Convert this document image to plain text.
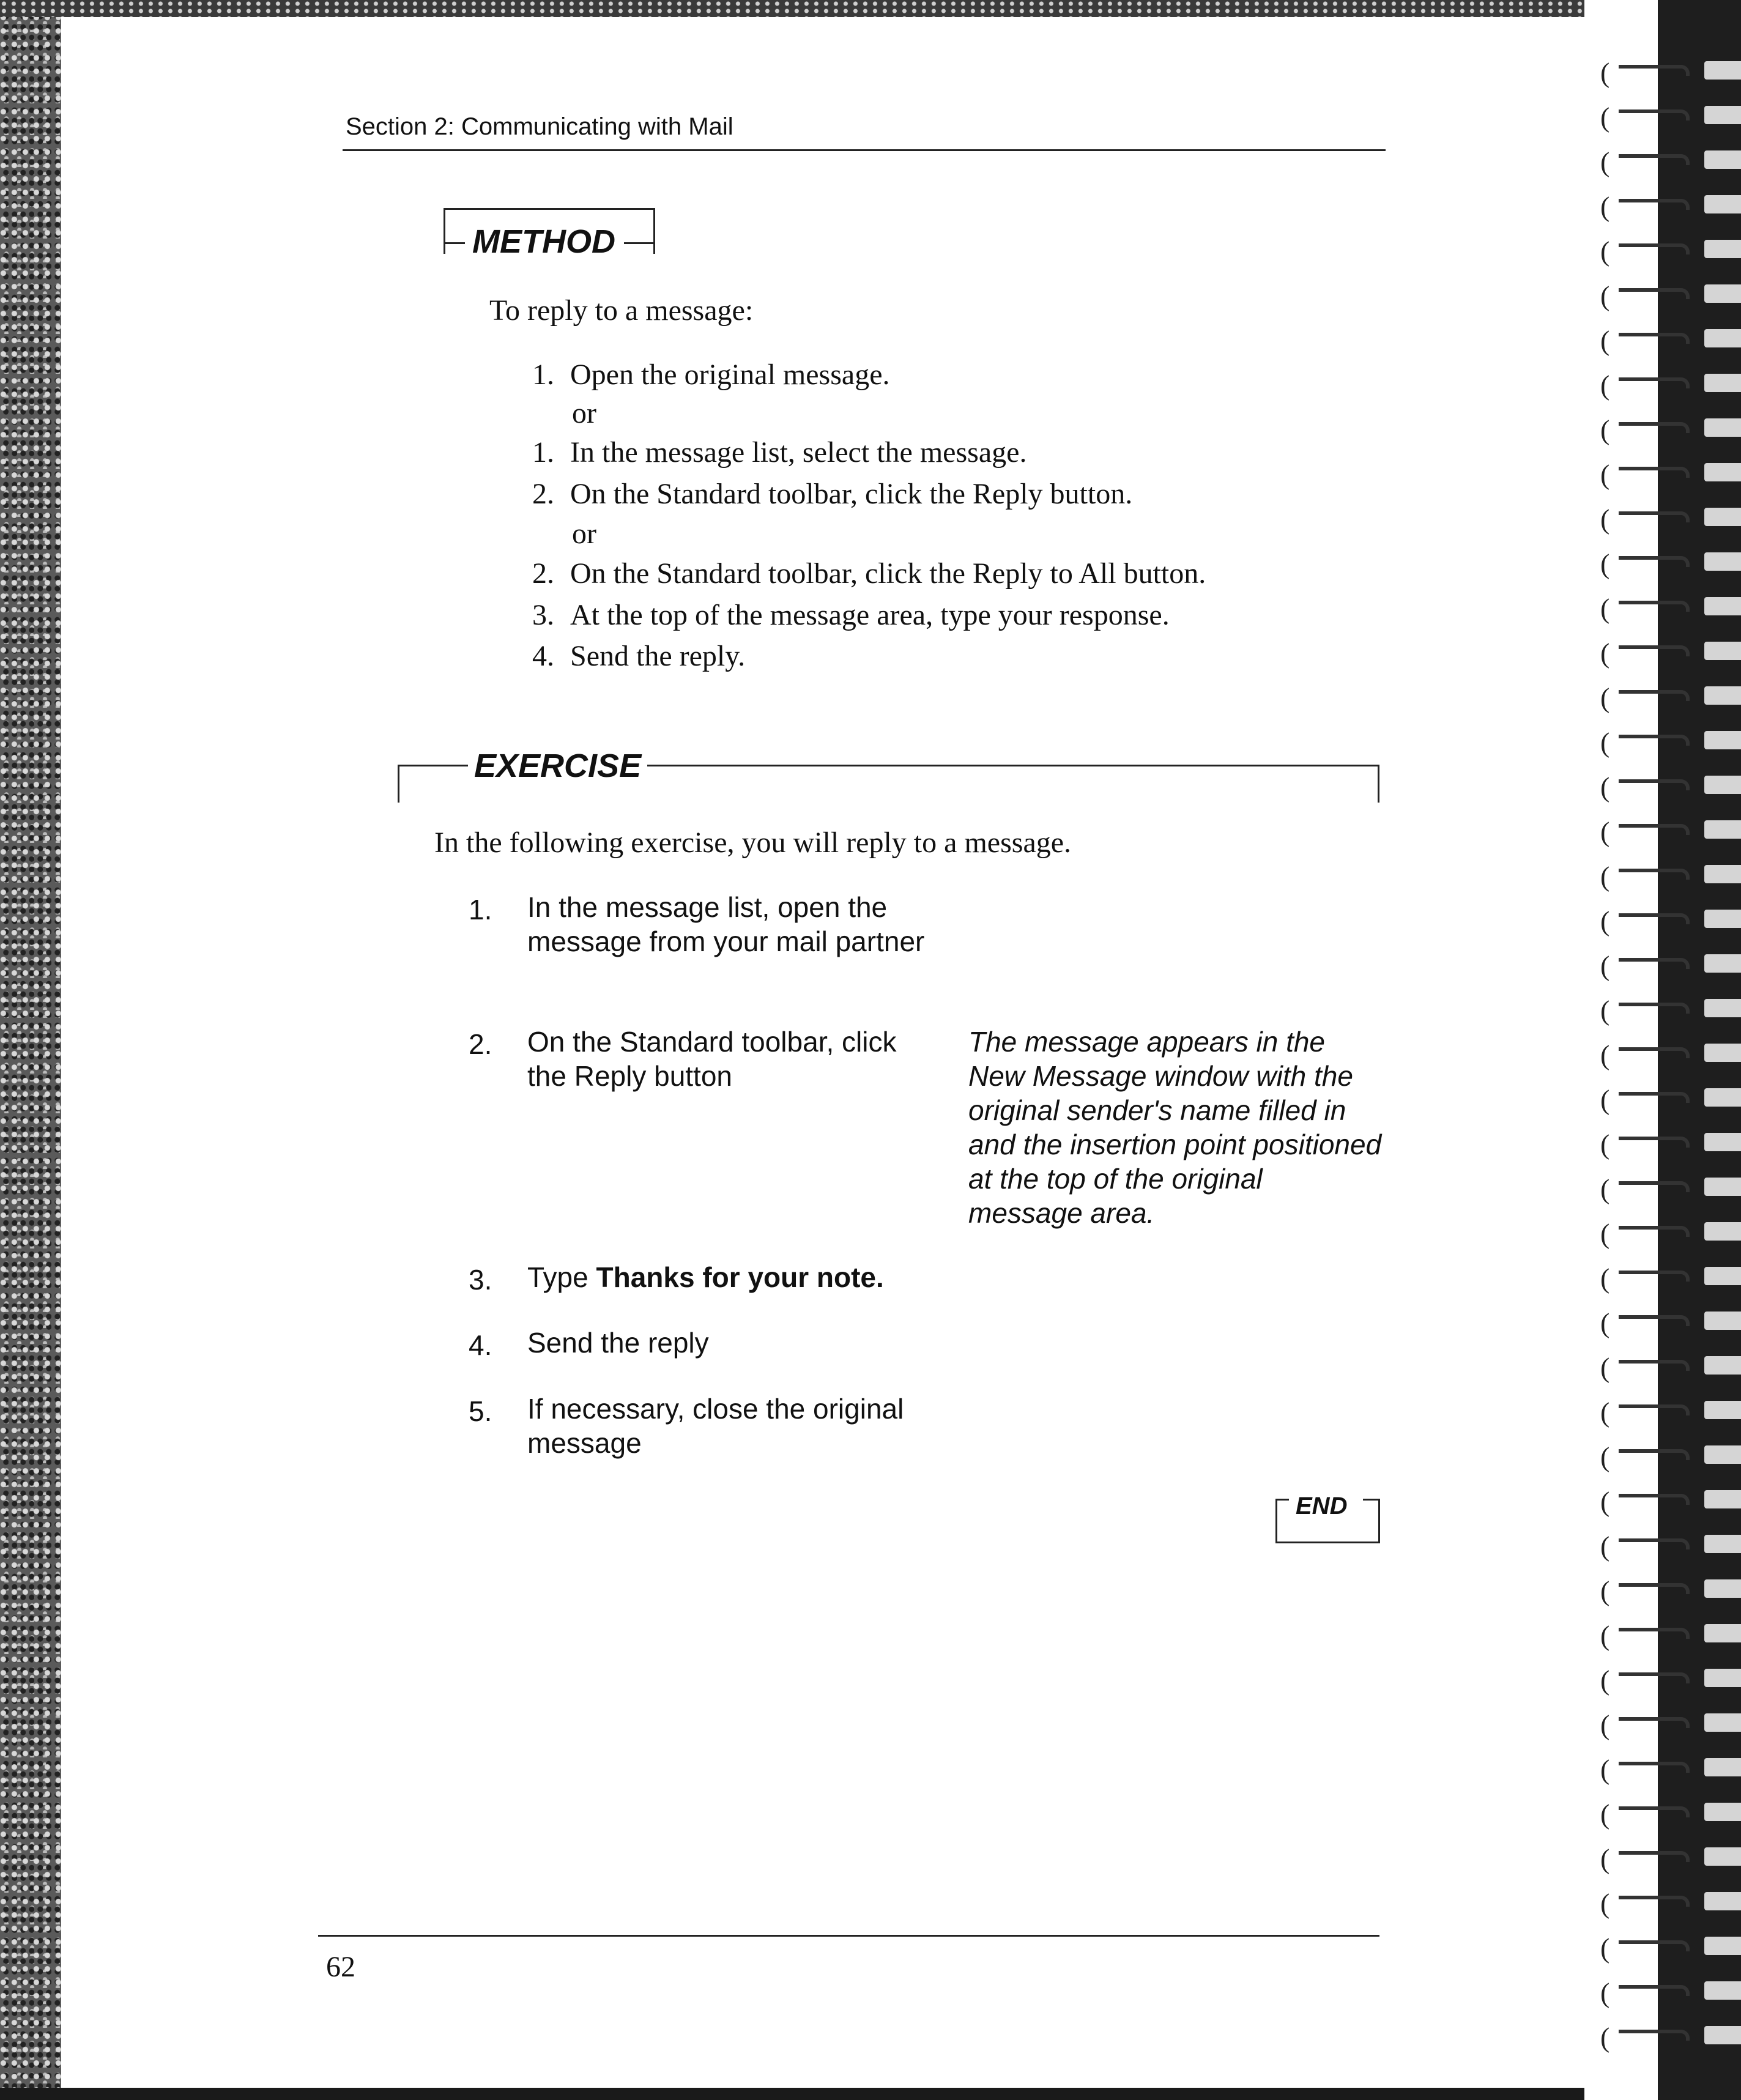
(
(
(
(
(
(
(
(
(
(
(
(
(
(
(
(
(
(
(
(
(
(
(
(
(
(
(
(
(
(
(
(
(
(
(
(
(
(
(
(
(
(
(
(
(
Section 2: Communicating with Mail
METHOD
To reply to a message:
1. Open the original message.
or
1. In the message list, select the message.
2. On the Standard toolbar, click the Reply button.
or
2. On the Standard toolbar, click the Reply to All button.
3. At the top of the message area, type your response.
4. Send the reply.
EXERCISE
In the following exercise, you will reply to a message.
1. In the message list, open the message from your mail partner
2. On the Standard toolbar, click the Reply button
The message appears in the New Message window with the original sender's name filled in and the insertion point positioned at the top of the original message area.
3. Type Thanks for your note.
4. Send the reply
5. If necessary, close the original message
END
62
